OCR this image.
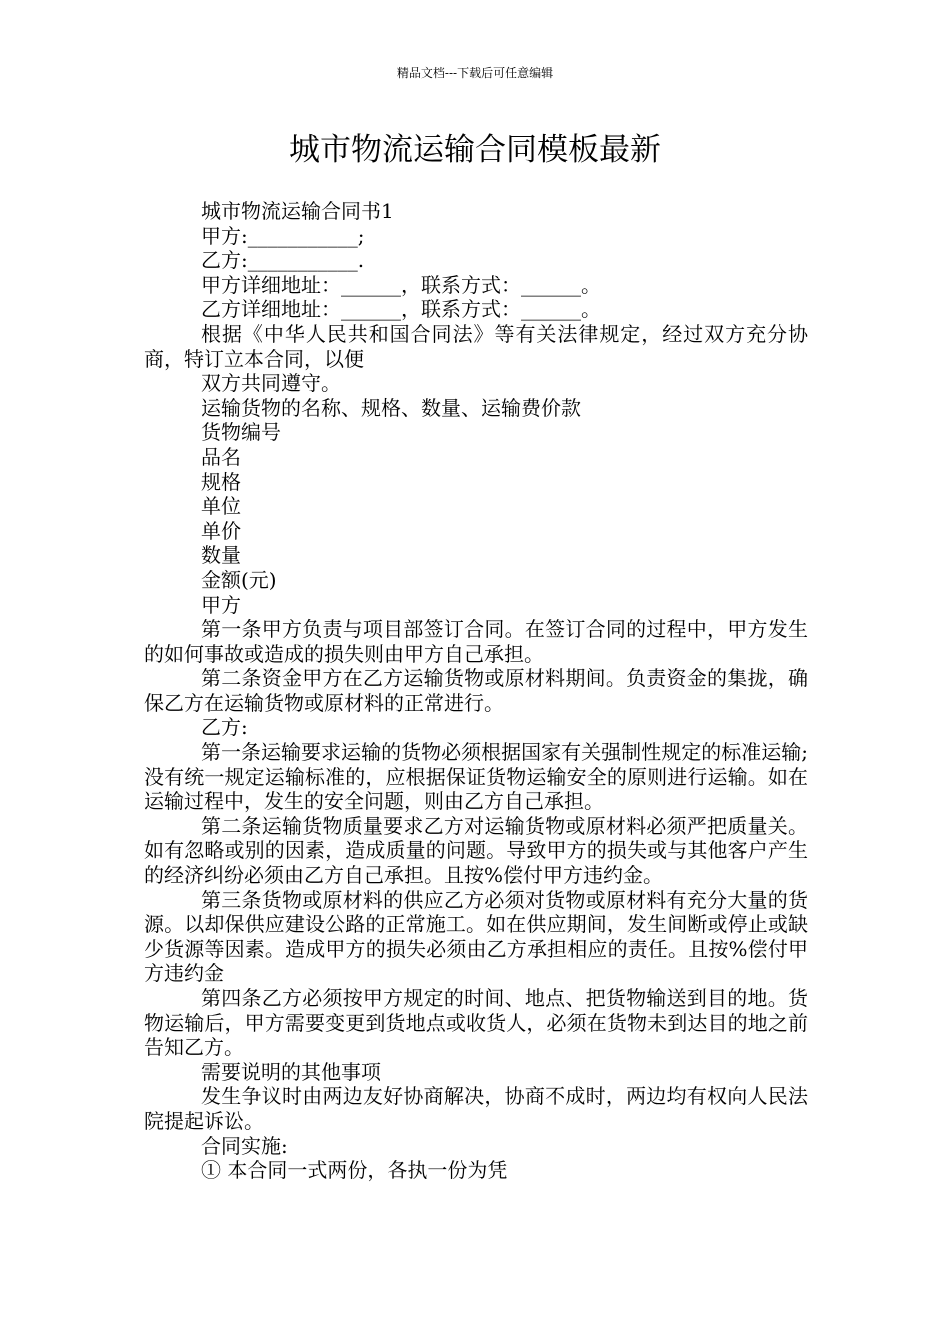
精品文档---下载后可任意编辑
城市物流运输合同模板最新

城市物流运输合同书1

甲方:___________;

乙方:___________.

甲方详细地址：______，联系方式：______。

乙方详细地址：______，联系方式：______。

根据《中华人民共和国合同法》等有关法律规定，经过双方充分协商，特订立本合同，以便

双方共同遵守。

运输货物的名称、规格、数量、运输费价款

货物编号

品名

规格

单位

单价

数量

金额(元)

甲方

第一条甲方负责与项目部签订合同。在签订合同的过程中，甲方发生的如何事故或造成的损失则由甲方自己承担。

第二条资金甲方在乙方运输货物或原材料期间。负责资金的集拢，确保乙方在运输货物或原材料的正常进行。

乙方:

第一条运输要求运输的货物必须根据国家有关强制性规定的标准运输;没有统一规定运输标准的，应根据保证货物运输安全的原则进行运输。如在运输过程中，发生的安全问题，则由乙方自己承担。

第二条运输货物质量要求乙方对运输货物或原材料必须严把质量关。如有忽略或别的因素，造成质量的问题。导致甲方的损失或与其他客户产生的经济纠纷必须由乙方自己承担。且按%偿付甲方违约金。

第三条货物或原材料的供应乙方必须对货物或原材料有充分大量的货源。以却保供应建设公路的正常施工。如在供应期间，发生间断或停止或缺少货源等因素。造成甲方的损失必须由乙方承担相应的责任。且按%偿付甲方违约金

第四条乙方必须按甲方规定的时间、地点、把货物输送到目的地。货物运输后，甲方需要变更到货地点或收货人，必须在货物未到达目的地之前告知乙方。

需要说明的其他事项

发生争议时由两边友好协商解决，协商不成时，两边均有权向人民法院提起诉讼。

合同实施:

① 本合同一式两份，各执一份为凭
